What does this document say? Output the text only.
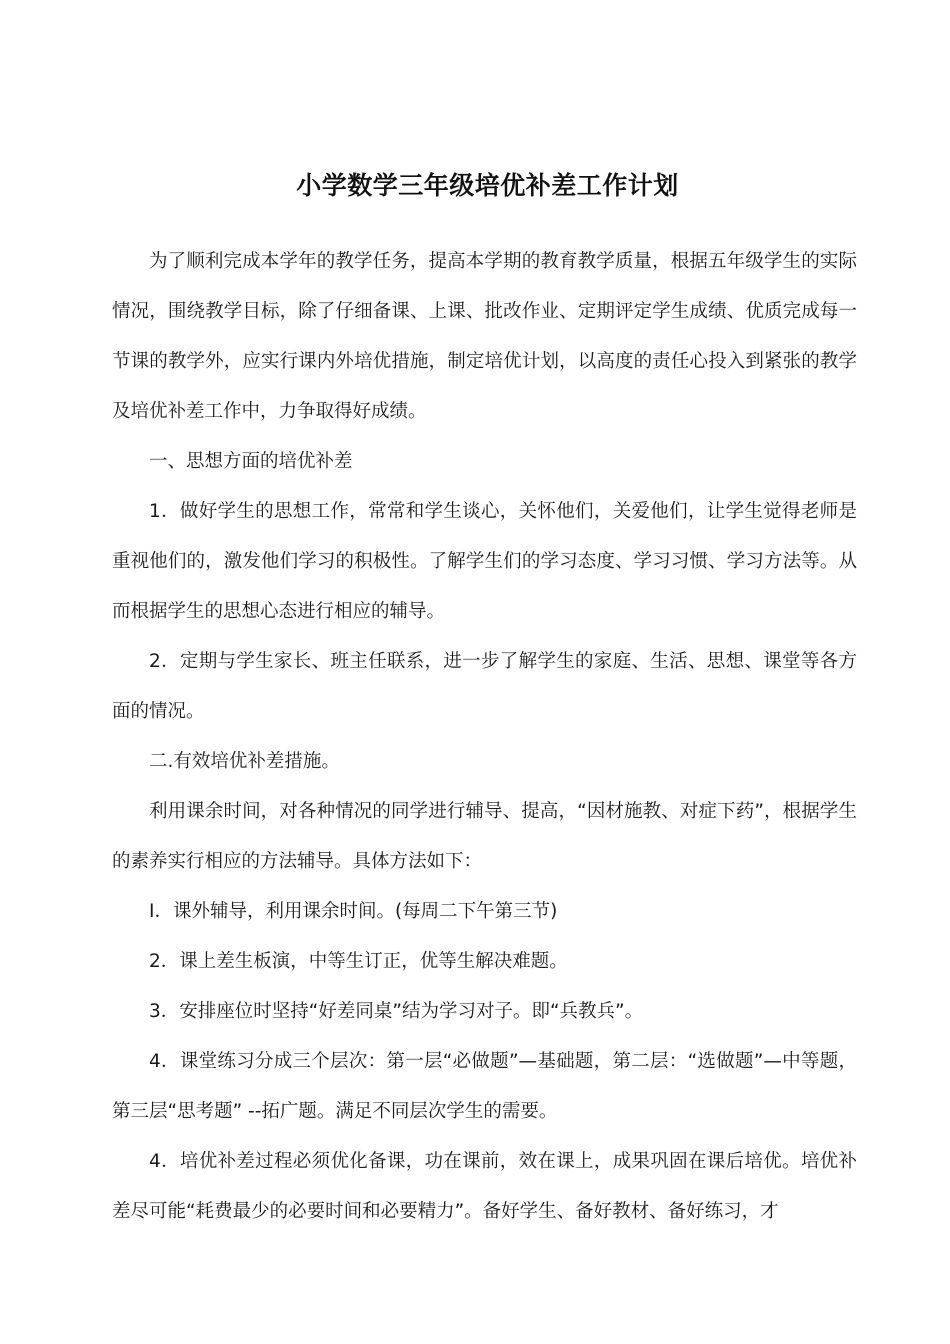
小学数学三年级培优补差工作计划

为了顺利完成本学年的教学任务，提高本学期的教育教学质量，根据五年级学生的实际情况，围绕教学目标，除了仔细备课、上课、批改作业、定期评定学生成绩、优质完成每一节课的教学外，应实行课内外培优措施，制定培优计划，以高度的责任心投入到紧张的教学及培优补差工作中，力争取得好成绩。

一、思想方面的培优补差

1．做好学生的思想工作，常常和学生谈心，关怀他们，关爱他们，让学生觉得老师是重视他们的，激发他们学习的积极性。了解学生们的学习态度、学习习惯、学习方法等。从而根据学生的思想心态进行相应的辅导。

2．定期与学生家长、班主任联系，进一步了解学生的家庭、生活、思想、课堂等各方面的情况。

二.有效培优补差措施。

利用课余时间，对各种情况的同学进行辅导、提高，“因材施教、对症下药”，根据学生的素养实行相应的方法辅导。具体方法如下：

I．课外辅导，利用课余时间。(每周二下午第三节)

2．课上差生板演，中等生订正，优等生解决难题。

3．安排座位时坚持“好差同桌”结为学习对子。即“兵教兵”。

4．课堂练习分成三个层次：第一层“必做题”—基础题，第二层：“选做题”—中等题，第三层“思考题” --拓广题。满足不同层次学生的需要。

4．培优补差过程必须优化备课，功在课前，效在课上，成果巩固在课后培优。培优补差尽可能“耗费最少的必要时间和必要精力”。备好学生、备好教材、备好练习，才
